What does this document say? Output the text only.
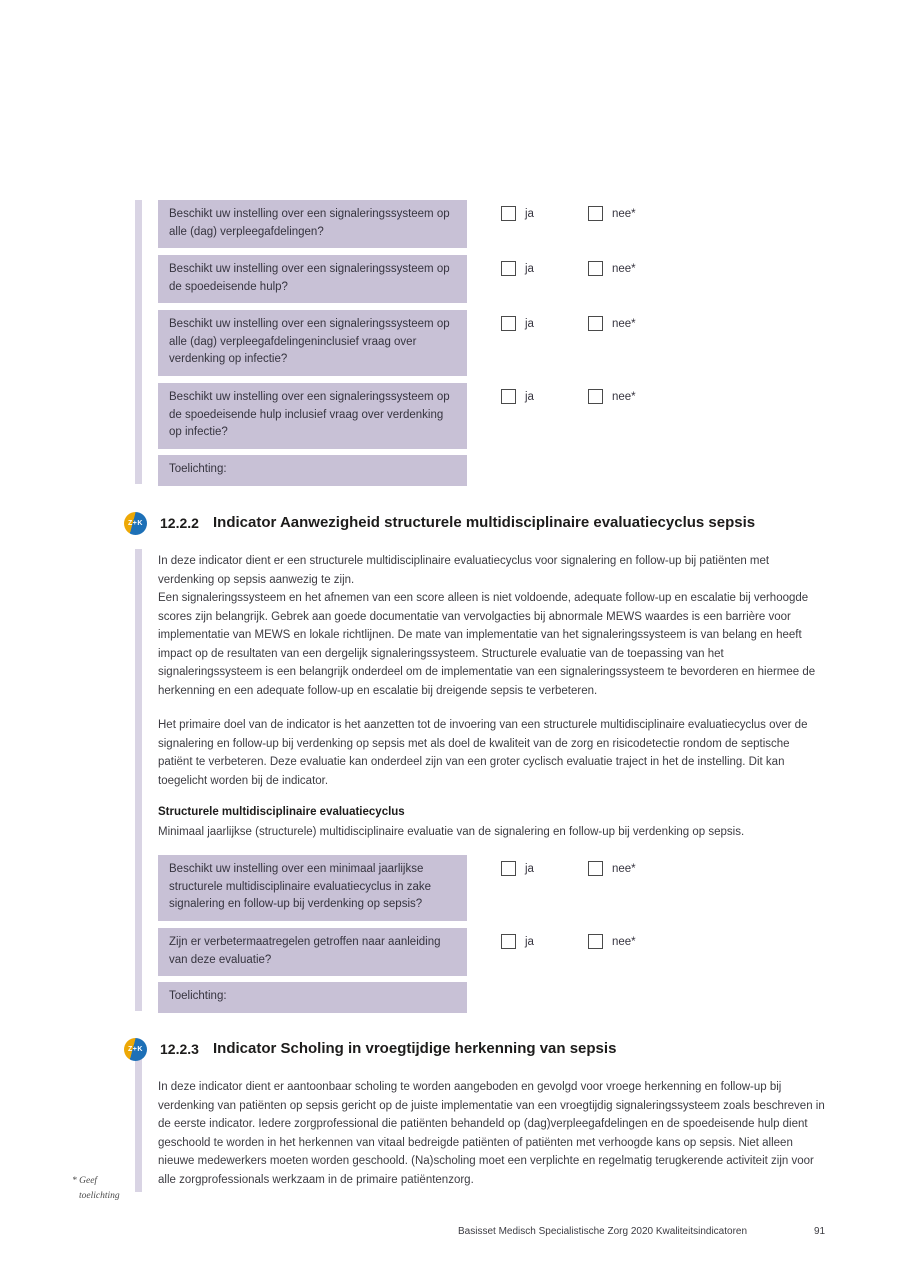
Beschikt uw instelling over een signaleringssysteem op alle (dag) verpleegafdelingen?
ja	nee*
Beschikt uw instelling over een signaleringssysteem op de spoedeisende hulp?
ja	nee*
Beschikt uw instelling over een signaleringssysteem op alle (dag) verpleegafdelingeninclusief vraag over verdenking op infectie?
ja	nee*
Beschikt uw instelling over een signaleringssysteem op de spoedeisende hulp inclusief vraag over verdenking op infectie?
ja	nee*
Toelichting:
Z+K 12.2.2 Indicator Aanwezigheid structurele multidisciplinaire evaluatiecyclus sepsis
In deze indicator dient er een structurele multidisciplinaire evaluatiecyclus voor signalering en follow-up bij patiënten met verdenking op sepsis aanwezig te zijn.
Een signaleringssysteem en het afnemen van een score alleen is niet voldoende, adequate follow-up en escalatie bij verhoogde scores zijn belangrijk. Gebrek aan goede documentatie van vervolgacties bij abnormale MEWS waardes is een barrière voor implementatie van MEWS en lokale richtlijnen. De mate van implementatie van het signaleringssysteem is van belang en heeft impact op de resultaten van een dergelijk signaleringssysteem. Structurele evaluatie van de toepassing van het signaleringssysteem is een belangrijk onderdeel om de implementatie van een signaleringssysteem te bevorderen en hiermee de herkenning en een adequate follow-up en escalatie bij dreigende sepsis te verbeteren.
Het primaire doel van de indicator is het aanzetten tot de invoering van een structurele multidisciplinaire evaluatiecyclus over de signalering en follow-up bij verdenking op sepsis met als doel de kwaliteit van de zorg en risicodetectie rondom de septische patiënt te verbeteren. Deze evaluatie kan onderdeel zijn van een groter cyclisch evaluatie traject in het de instelling. Dit kan toegelicht worden bij de indicator.
Structurele multidisciplinaire evaluatiecyclus
Minimaal jaarlijkse (structurele) multidisciplinaire evaluatie van de signalering en follow-up bij verdenking op sepsis.
Beschikt uw instelling over een minimaal jaarlijkse structurele multidisciplinaire evaluatiecyclus in zake signalering en follow-up bij verdenking op sepsis?
ja	nee*
Zijn er verbetermaatregelen getroffen naar aanleiding van deze evaluatie?
ja	nee*
Toelichting:
Z+K 12.2.3 Indicator Scholing in vroegtijdige herkenning van sepsis
In deze indicator dient er aantoonbaar scholing te worden aangeboden en gevolgd voor vroege herkenning en follow-up bij verdenking van patiënten op sepsis gericht op de juiste implementatie van een vroegtijdig signaleringssysteem zoals beschreven in de eerste indicator. Iedere zorgprofessional die patiënten behandeld op (dag)verpleegafdelingen en de spoedeisende hulp dient geschoold te worden in het herkennen van vitaal bedreigde patiënten of patiënten met verhoogde kans op sepsis. Niet alleen nieuwe medewerkers moeten worden geschoold. (Na)scholing moet een verplichte en regelmatig terugkerende activiteit zijn voor alle zorgprofessionals werkzaam in de primaire patiëntenzorg.
* Geef
toelichting
Basisset Medisch Specialistische Zorg 2020 Kwaliteitsindicatoren	91
